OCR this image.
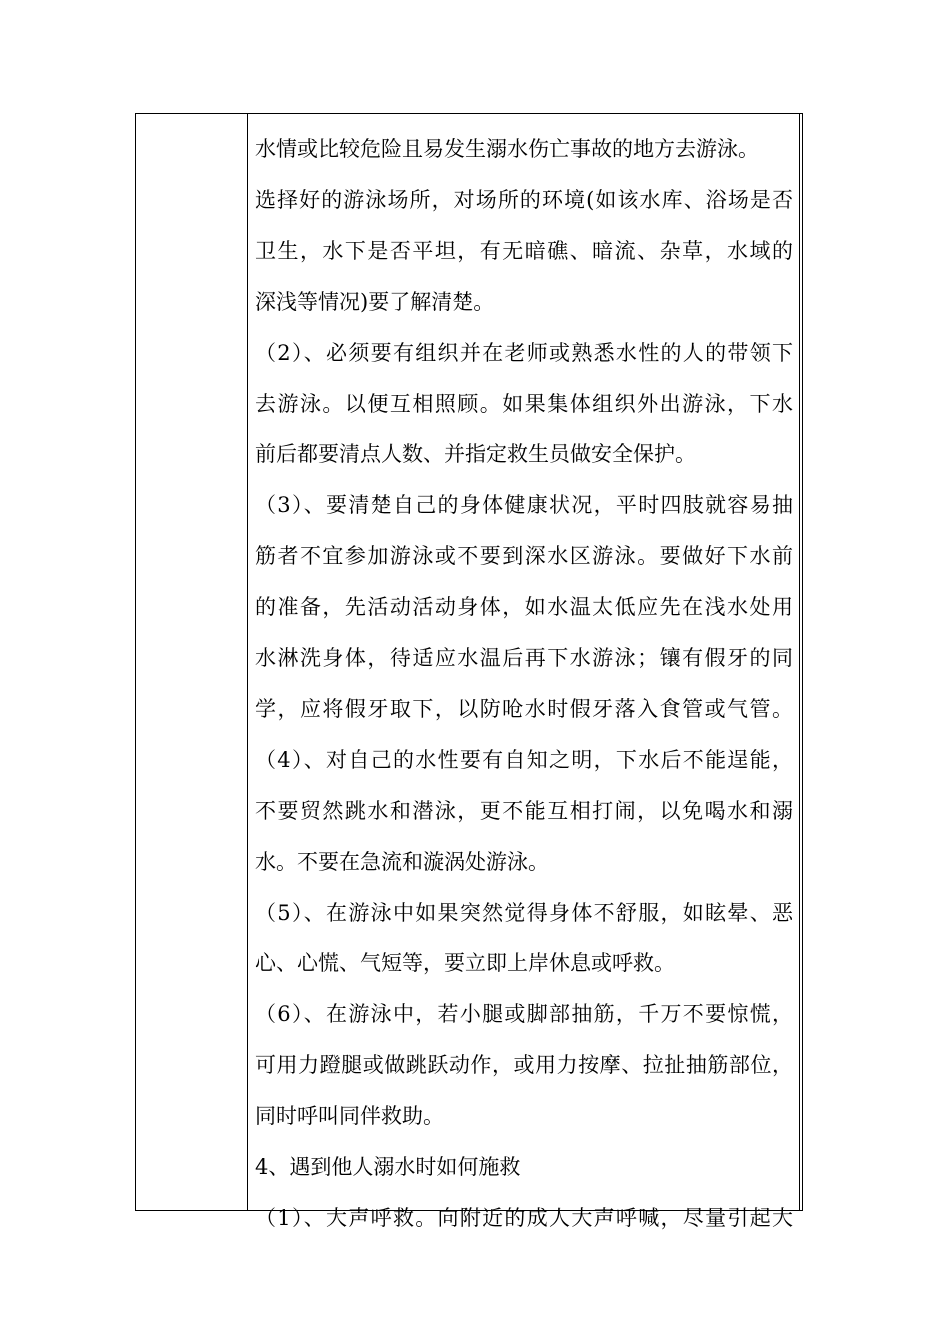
水情或比较危险且易发生溺水伤亡事故的地方去游泳。
选择好的游泳场所，对场所的环境(如该水库、浴场是否
卫生，水下是否平坦，有无暗礁、暗流、杂草，水域的
深浅等情况)要了解清楚。
（2）、必须要有组织并在老师或熟悉水性的人的带领下
去游泳。以便互相照顾。如果集体组织外出游泳，下水
前后都要清点人数、并指定救生员做安全保护。
（3）、要清楚自己的身体健康状况，平时四肢就容易抽
筋者不宜参加游泳或不要到深水区游泳。要做好下水前
的准备，先活动活动身体，如水温太低应先在浅水处用
水淋洗身体，待适应水温后再下水游泳；镶有假牙的同
学，应将假牙取下，以防呛水时假牙落入食管或气管。
（4）、对自己的水性要有自知之明，下水后不能逞能，
不要贸然跳水和潜泳，更不能互相打闹，以免喝水和溺
水。不要在急流和漩涡处游泳。
（5）、在游泳中如果突然觉得身体不舒服，如眩晕、恶
心、心慌、气短等，要立即上岸休息或呼救。
（6）、在游泳中，若小腿或脚部抽筋，千万不要惊慌，
可用力蹬腿或做跳跃动作，或用力按摩、拉扯抽筋部位，
同时呼叫同伴救助。
4、遇到他人溺水时如何施救
（1）、大声呼救。向附近的成人大声呼喊，尽量引起大
